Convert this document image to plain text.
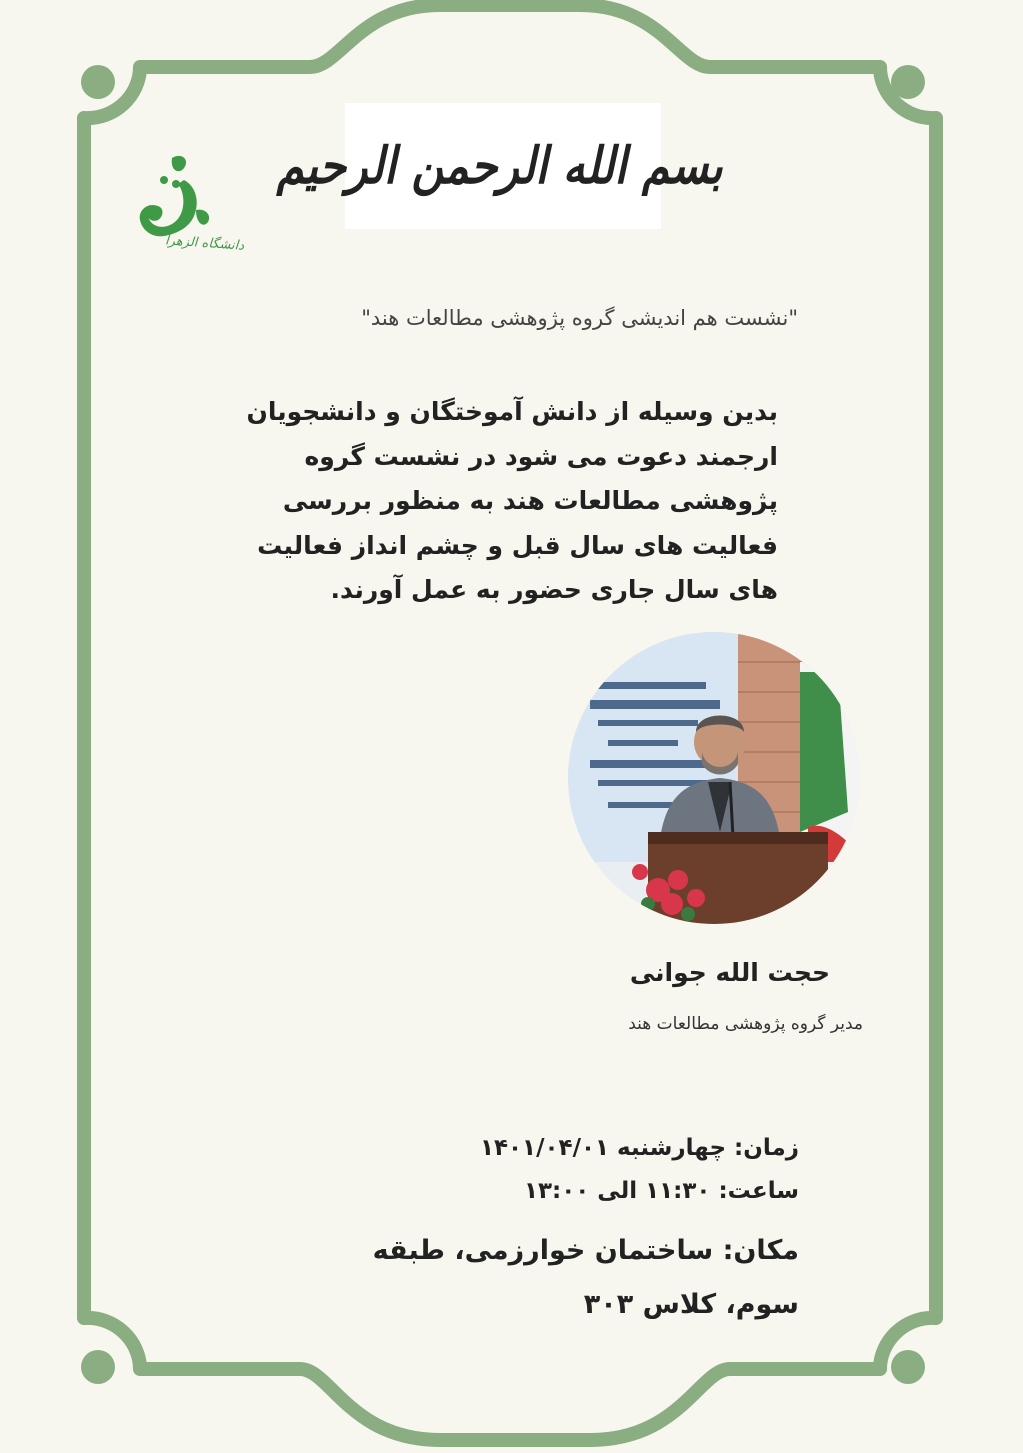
بسم الله الرحمن الرحیم
دانشگاه الزهرا
"نشست هم اندیشی گروه پژوهشی مطالعات هند"
بدین وسیله از دانش آموختگان و دانشجویان ارجمند دعوت می شود در نشست گروه پژوهشی مطالعات هند به منظور بررسی فعالیت های سال قبل و چشم انداز فعالیت های سال جاری حضور به عمل آورند.
حجت الله جوانی
مدیر گروه پژوهشی مطالعات هند
زمان: چهارشنبه ۱۴۰۱/۰۴/۰۱
ساعت: ۱۱:۳۰ الی ۱۳:۰۰
مکان: ساختمان خوارزمی، طبقه سوم، کلاس ۳۰۳
